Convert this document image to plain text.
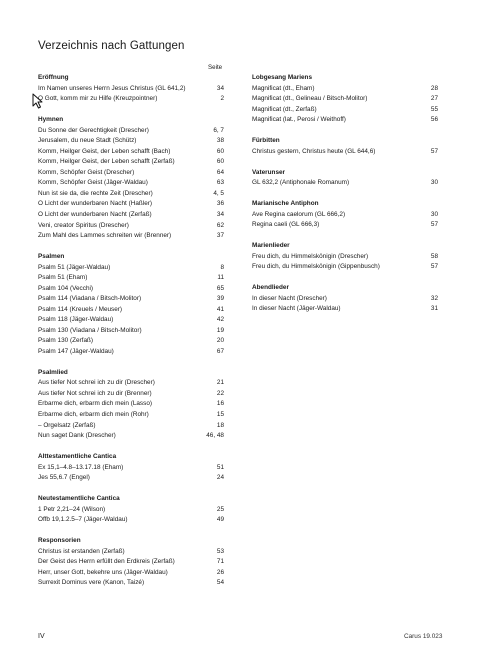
Verzeichnis nach Gattungen
Seite
Eröffnung
Im Namen unseres Herrn Jesus Christus (GL 641,2)	34
O Gott, komm mir zu Hilfe (Kreuzpointner)	2
Hymnen
Du Sonne der Gerechtigkeit (Drescher)	6, 7
Jerusalem, du neue Stadt (Schütz)	38
Komm, Heilger Geist, der Leben schafft (Bach)	60
Komm, Heilger Geist, der Leben schafft (Zerfaß)	60
Komm, Schöpfer Geist (Drescher)	64
Komm, Schöpfer Geist (Jäger-Waldau)	63
Nun ist sie da, die rechte Zeit (Drescher)	4, 5
O Licht der wunderbaren Nacht (Haßler)	36
O Licht der wunderbaren Nacht (Zerfaß)	34
Veni, creator Spiritus (Drescher)	62
Zum Mahl des Lammes schreiten wir (Brenner)	37
Psalmen
Psalm 51 (Jäger-Waldau)	8
Psalm 51 (Eham)	11
Psalm 104 (Vecchi)	65
Psalm 114 (Viadana / Bitsch-Molitor)	39
Psalm 114 (Kreuels / Meuser)	41
Psalm 118 (Jäger-Waldau)	42
Psalm 130 (Viadana / Bitsch-Molitor)	19
Psalm 130 (Zerfaß)	20
Psalm 147 (Jäger-Waldau)	67
Psalmlied
Aus tiefer Not schrei ich zu dir (Drescher)	21
Aus tiefer Not schrei ich zu dir (Brenner)	22
Erbarme dich, erbarm dich mein (Lasso)	16
Erbarme dich, erbarm dich mein (Rohr)	15
– Orgelsatz (Zerfaß)	18
Nun saget Dank (Drescher)	46, 48
Alttestamentliche Cantica
Ex 15,1–4.8–13.17.18 (Eham)	51
Jes 55,6.7 (Engel)	24
Neutestamentliche Cantica
1 Petr 2,21–24 (Wilson)	25
Offb 19,1.2.5–7 (Jäger-Waldau)	49
Responsorien
Christus ist erstanden (Zerfaß)	53
Der Geist des Herrn erfüllt den Erdkreis (Zerfaß)	71
Herr, unser Gott, bekehre uns (Jäger-Waldau)	26
Surrexit Dominus vere (Kanon, Taizé)	54
Lobgesang Mariens
Magnificat (dt., Eham)	28
Magnificat (dt., Gelineau / Bitsch-Molitor)	27
Magnificat (dt., Zerfaß)	55
Magnificat (lat., Perosi / Weithoff)	56
Fürbitten
Christus gestern, Christus heute (GL 644,6)	57
Vaterunser
GL 632,2 (Antiphonale Romanum)	30
Marianische Antiphon
Ave Regina caelorum (GL 666,2)	30
Regina caeli (GL 666,3)	57
Marienlieder
Freu dich, du Himmelskönigin (Drescher)	58
Freu dich, du Himmelskönigin (Gippenbusch)	57
Abendlieder
In dieser Nacht (Drescher)	32
In dieser Nacht (Jäger-Waldau)	31
IV	Carus 19.023
